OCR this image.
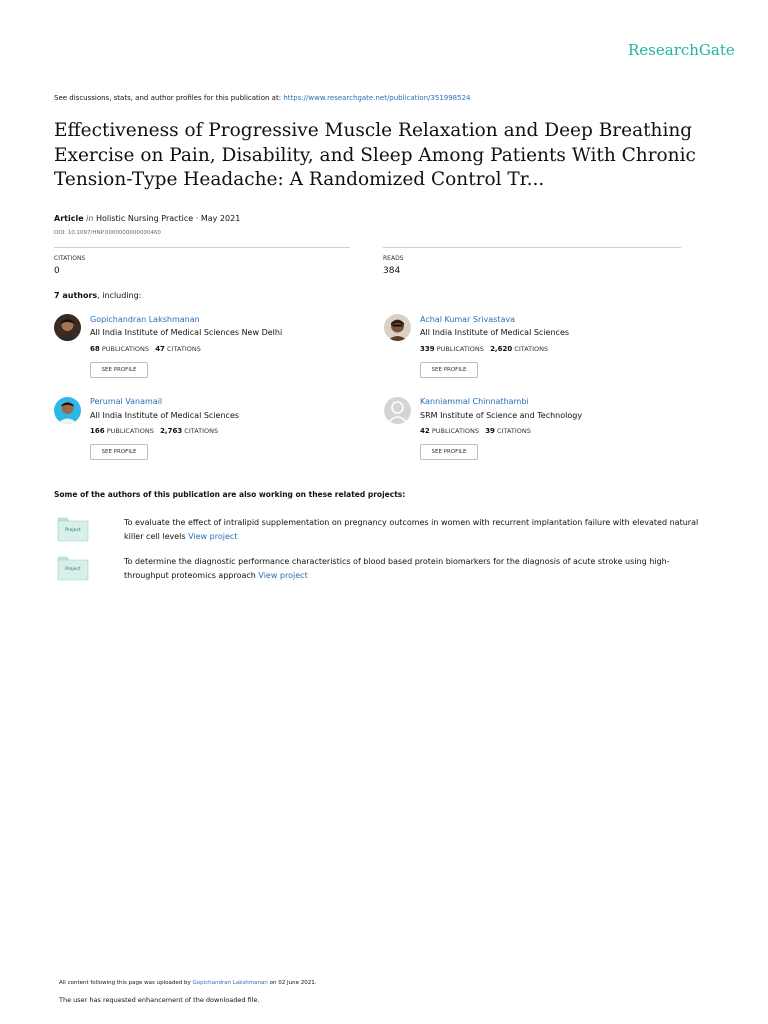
ResearchGate
See discussions, stats, and author profiles for this publication at: https://www.researchgate.net/publication/351998524
Effectiveness of Progressive Muscle Relaxation and Deep Breathing Exercise on Pain, Disability, and Sleep Among Patients With Chronic Tension-Type Headache: A Randomized Control Tr...
Article in Holistic Nursing Practice · May 2021
DOI: 10.1097/HNP.0000000000000460
CITATIONS
0
READS
384
7 authors, including:
Gopichandran Lakshmanan
All India Institute of Medical Sciences New Delhi
68 PUBLICATIONS 47 CITATIONS
SEE PROFILE
Achal Kumar Srivastava
All India Institute of Medical Sciences
339 PUBLICATIONS 2,620 CITATIONS
SEE PROFILE
Perumal Vanamail
All India Institute of Medical Sciences
166 PUBLICATIONS 2,763 CITATIONS
SEE PROFILE
Kanniammal Chinnathambi
SRM Institute of Science and Technology
42 PUBLICATIONS 39 CITATIONS
SEE PROFILE
Some of the authors of this publication are also working on these related projects:
Project
To evaluate the effect of intralipid supplementation on pregnancy outcomes in women with recurrent implantation failure with elevated natural killer cell levels View project
Project
To determine the diagnostic performance characteristics of blood based protein biomarkers for the diagnosis of acute stroke using high-throughput proteomics approach View project
All content following this page was uploaded by Gopichandran Lakshmanan on 02 June 2021.
The user has requested enhancement of the downloaded file.
